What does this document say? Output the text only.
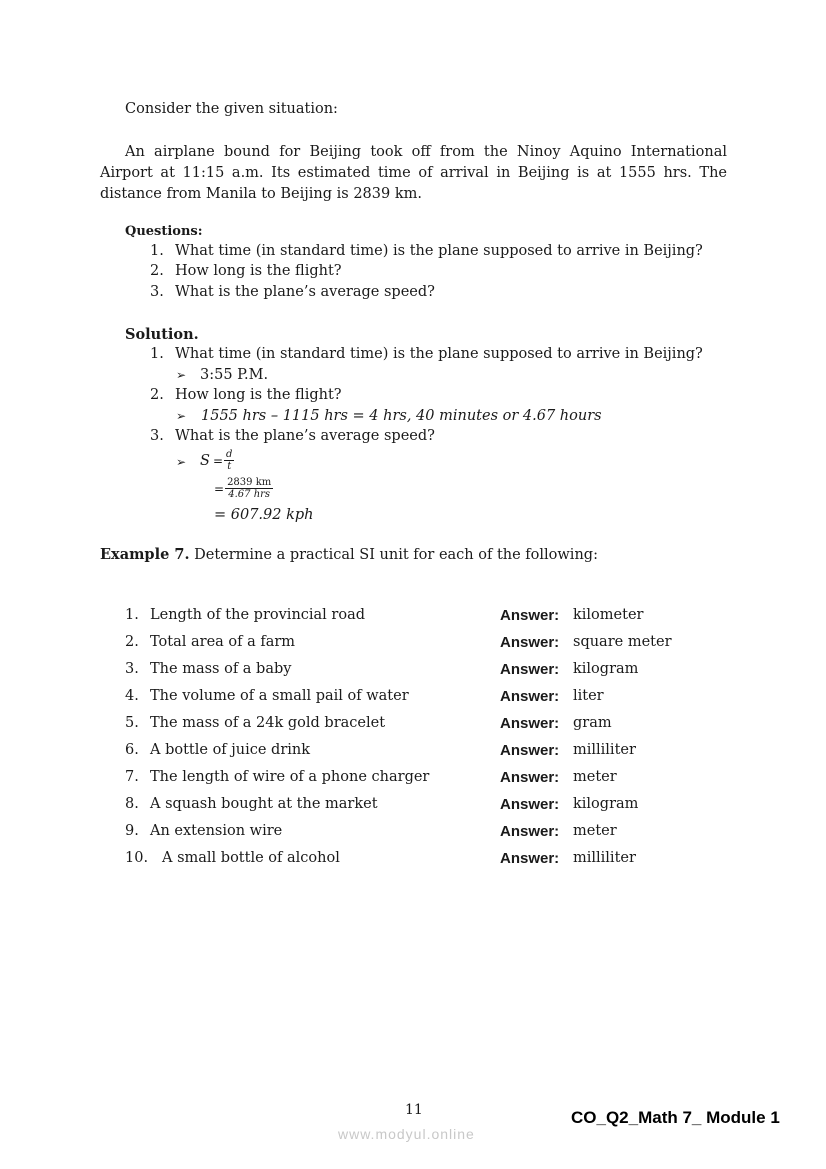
Consider the given situation:
An airplane bound for Beijing took off from the Ninoy Aquino International Airport at 11:15 a.m. Its estimated time of arrival in Beijing is at 1555 hrs. The distance from Manila to Beijing is 2839 km.
Questions:
1. What time (in standard time) is the plane supposed to arrive in Beijing?
2. How long is the flight?
3. What is the plane’s average speed?
Solution.
1. What time (in standard time) is the plane supposed to arrive in Beijing?
➢ 3:55 P.M.
2. How long is the flight?
➢ 1555 hrs – 1115 hrs = 4 hrs, 40 minutes or 4.67 hours
3. What is the plane’s average speed?
➢ $S = \frac{d}{t}$
= $\frac{2839 km}{\text{4.67 hrs}}$
= 607.92 kph
Example 7. Determine a practical SI unit for each of the following:
1. Length of the provincial road	Answer: kilometer
2. Total area of a farm	Answer: square meter
3. The mass of a baby	Answer: kilogram
4. The volume of a small pail of water	Answer: liter
5. The mass of a 24k gold bracelet	Answer: gram
6. A bottle of juice drink	Answer: milliliter
7. The length of wire of a phone charger	Answer: meter
8. A squash bought at the market	Answer: kilogram
9. An extension wire	Answer: meter
10. A small bottle of alcohol	Answer: milliliter
11	CO_Q2_Math 7_ Module 1
www.modyul.online
